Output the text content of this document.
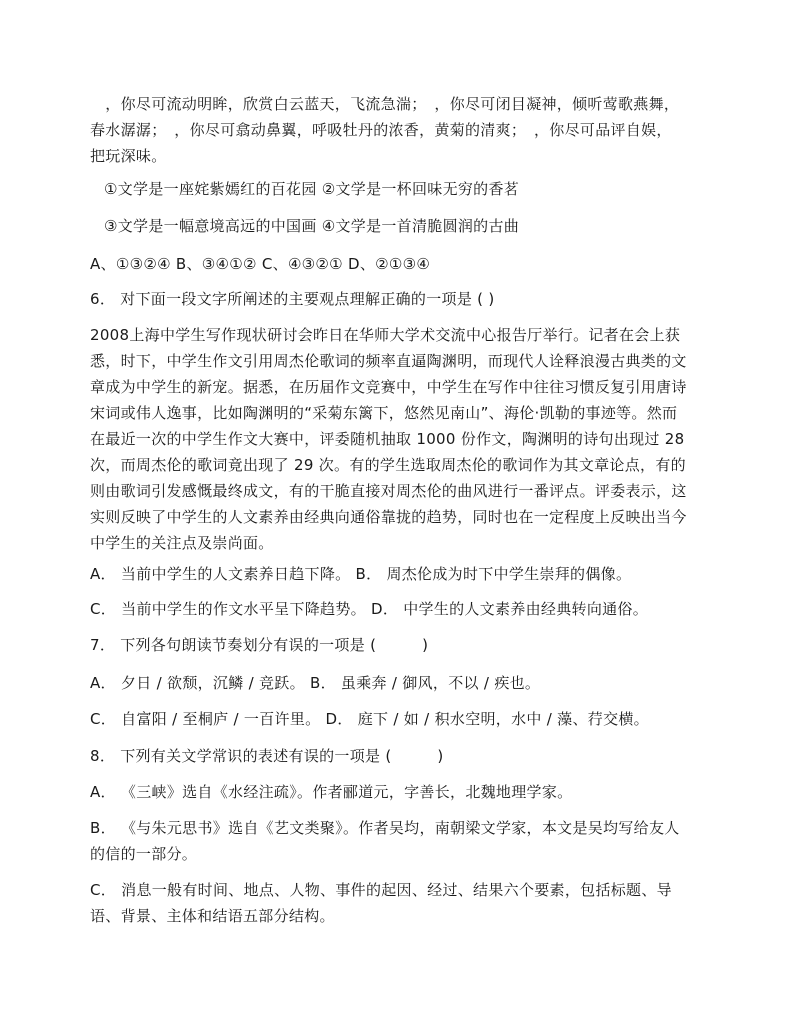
　，你尽可流动明眸，欣赏白云蓝天，飞流急湍；　，你尽可闭目凝神，倾听莺歌燕舞，
春水潺潺；　，你尽可翕动鼻翼，呼吸牡丹的浓香，黄菊的清爽；　，你尽可品评自娱，
把玩深味。
①文学是一座姹紫嫣红的百花园 ②文学是一杯回味无穷的香茗
③文学是一幅意境高远的中国画 ④文学是一首清脆圆润的古曲
A、①③②④ B、③④①② C、④③②① D、②①③④
6． 对下面一段文字所阐述的主要观点理解正确的一项是 ( )
2008上海中学生写作现状研讨会昨日在华师大学术交流中心报告厅举行。记者在会上获
悉，时下，中学生作文引用周杰伦歌词的频率直逼陶渊明，而现代人诠释浪漫古典类的文
章成为中学生的新宠。据悉，在历届作文竞赛中，中学生在写作中往往习惯反复引用唐诗
宋词或伟人逸事，比如陶渊明的“采菊东篱下，悠然见南山”、海伦·凯勒的事迹等。然而
在最近一次的中学生作文大赛中，评委随机抽取 1000 份作文，陶渊明的诗句出现过 28
次，而周杰伦的歌词竟出现了 29 次。有的学生选取周杰伦的歌词作为其文章论点，有的
则由歌词引发感慨最终成文，有的干脆直接对周杰伦的曲风进行一番评点。评委表示，这
实则反映了中学生的人文素养由经典向通俗靠拢的趋势，同时也在一定程度上反映出当今
中学生的关注点及崇尚面。
A． 当前中学生的人文素养日趋下降。 B． 周杰伦成为时下中学生崇拜的偶像。
C． 当前中学生的作文水平呈下降趋势。 D． 中学生的人文素养由经典转向通俗。
7． 下列各句朗读节奏划分有误的一项是 (　　　)
A． 夕日 / 欲颓，沉鳞 / 竞跃。 B． 虽乘奔 / 御风，不以 / 疾也。
C． 自富阳 / 至桐庐 / 一百许里。 D． 庭下 / 如 / 积水空明，水中 / 藻、荇交横。
8． 下列有关文学常识的表述有误的一项是 (　　　)
A． 《三峡》选自《水经注疏》。作者郦道元，字善长，北魏地理学家。
B． 《与朱元思书》选自《艺文类聚》。作者吴均，南朝梁文学家，本文是吴均写给友人
的信的一部分。
C． 消息一般有时间、地点、人物、事件的起因、经过、结果六个要素，包括标题、导
语、背景、主体和结语五部分结构。
